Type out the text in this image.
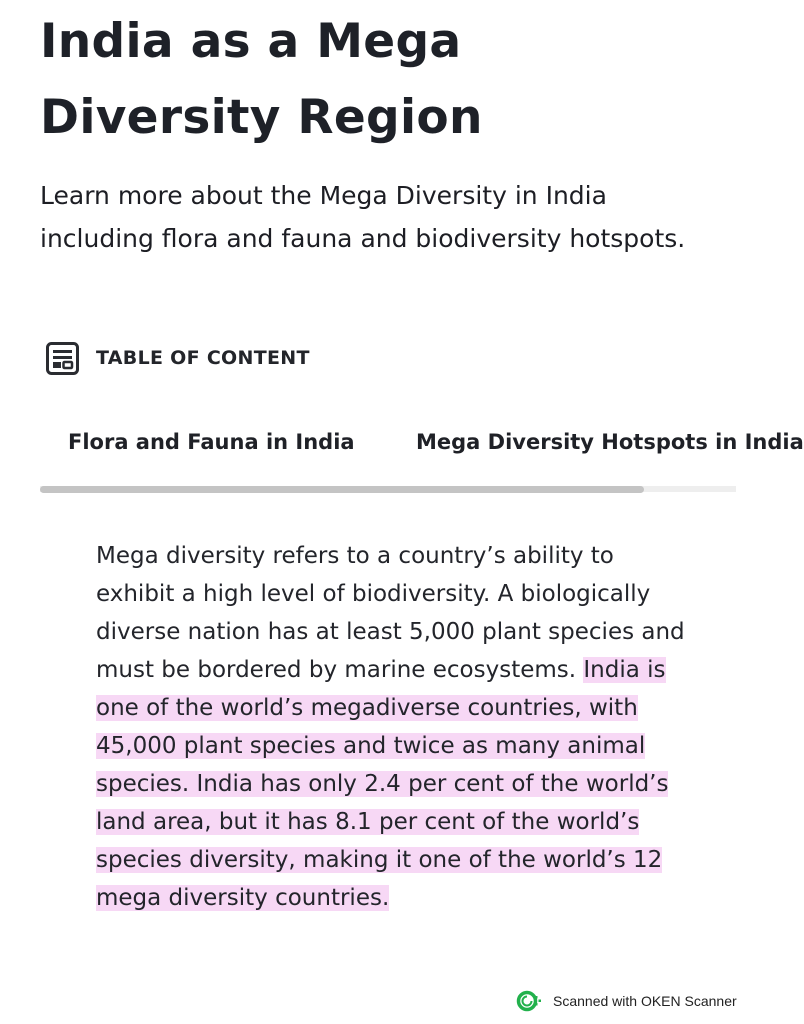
India as a Mega Diversity Region

Learn more about the Mega Diversity in India including flora and fauna and biodiversity hotspots.

TABLE OF CONTENT
Flora and Fauna in India	Mega Diversity Hotspots in India

Mega diversity refers to a country’s ability to exhibit a high level of biodiversity. A biologically diverse nation has at least 5,000 plant species and must be bordered by marine ecosystems. India is one of the world’s megadiverse countries, with 45,000 plant species and twice as many animal species. India has only 2.4 per cent of the world’s land area, but it has 8.1 per cent of the world’s species diversity, making it one of the world’s 12 mega diversity countries.

Scanned with OKEN Scanner
